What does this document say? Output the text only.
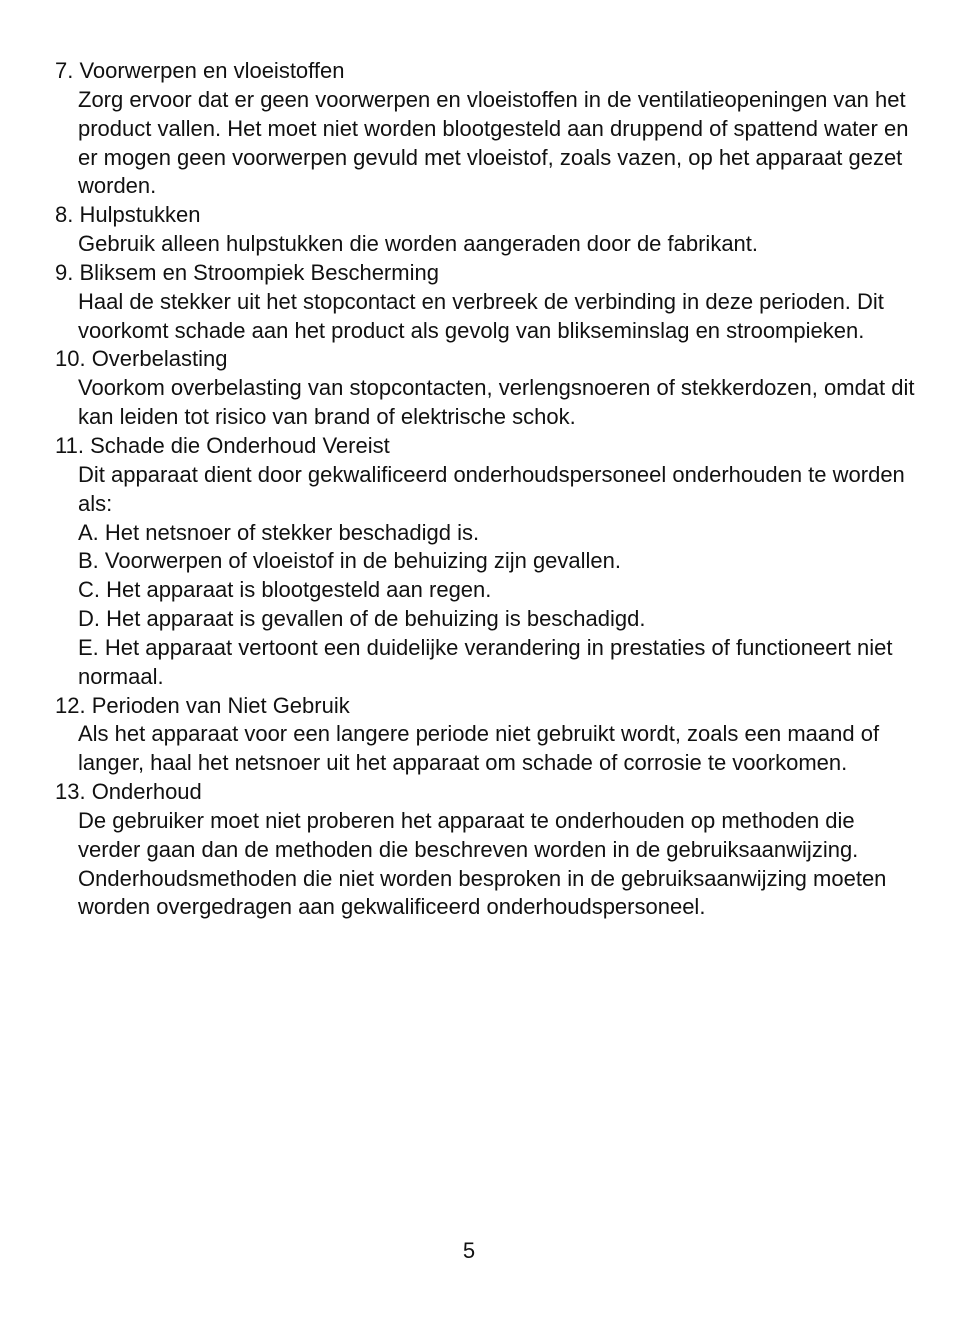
7. Voorwerpen en vloeistoffen

Zorg ervoor dat er geen voorwerpen en vloeistoffen in de ventilatieopeningen van het product vallen. Het moet niet worden blootgesteld aan druppend of spattend water en er mogen geen voorwerpen gevuld met vloeistof, zoals vazen, op het apparaat gezet worden.

8. Hulpstukken

Gebruik alleen hulpstukken die worden aangeraden door de fabrikant.

9. Bliksem en Stroompiek Bescherming

Haal de stekker uit het stopcontact en verbreek de verbinding in deze perioden. Dit voorkomt schade aan het product als gevolg van blikseminslag en stroompieken.

10. Overbelasting

Voorkom overbelasting van stopcontacten, verlengsnoeren of stekkerdozen, omdat dit kan leiden tot risico van brand of elektrische schok.

11. Schade die Onderhoud Vereist

Dit apparaat dient door gekwalificeerd onderhoudspersoneel onderhouden te worden als:

A. Het netsnoer of stekker beschadigd is.

B. Voorwerpen of vloeistof in de behuizing zijn gevallen.

C. Het apparaat is blootgesteld aan regen.

D. Het apparaat is gevallen of de behuizing is beschadigd.

E. Het apparaat vertoont een duidelijke verandering in prestaties of functioneert niet normaal.

12. Perioden van Niet Gebruik

Als het apparaat voor een langere periode niet gebruikt wordt, zoals een maand of langer, haal het netsnoer uit het apparaat om schade of corrosie te voorkomen.

13. Onderhoud

De gebruiker moet niet proberen het apparaat te onderhouden op methoden die verder gaan dan de methoden die beschreven worden in de gebruiksaanwijzing. Onderhoudsmethoden die niet worden besproken in de gebruiksaanwijzing moeten worden overgedragen aan gekwalificeerd onderhoudspersoneel.

5
